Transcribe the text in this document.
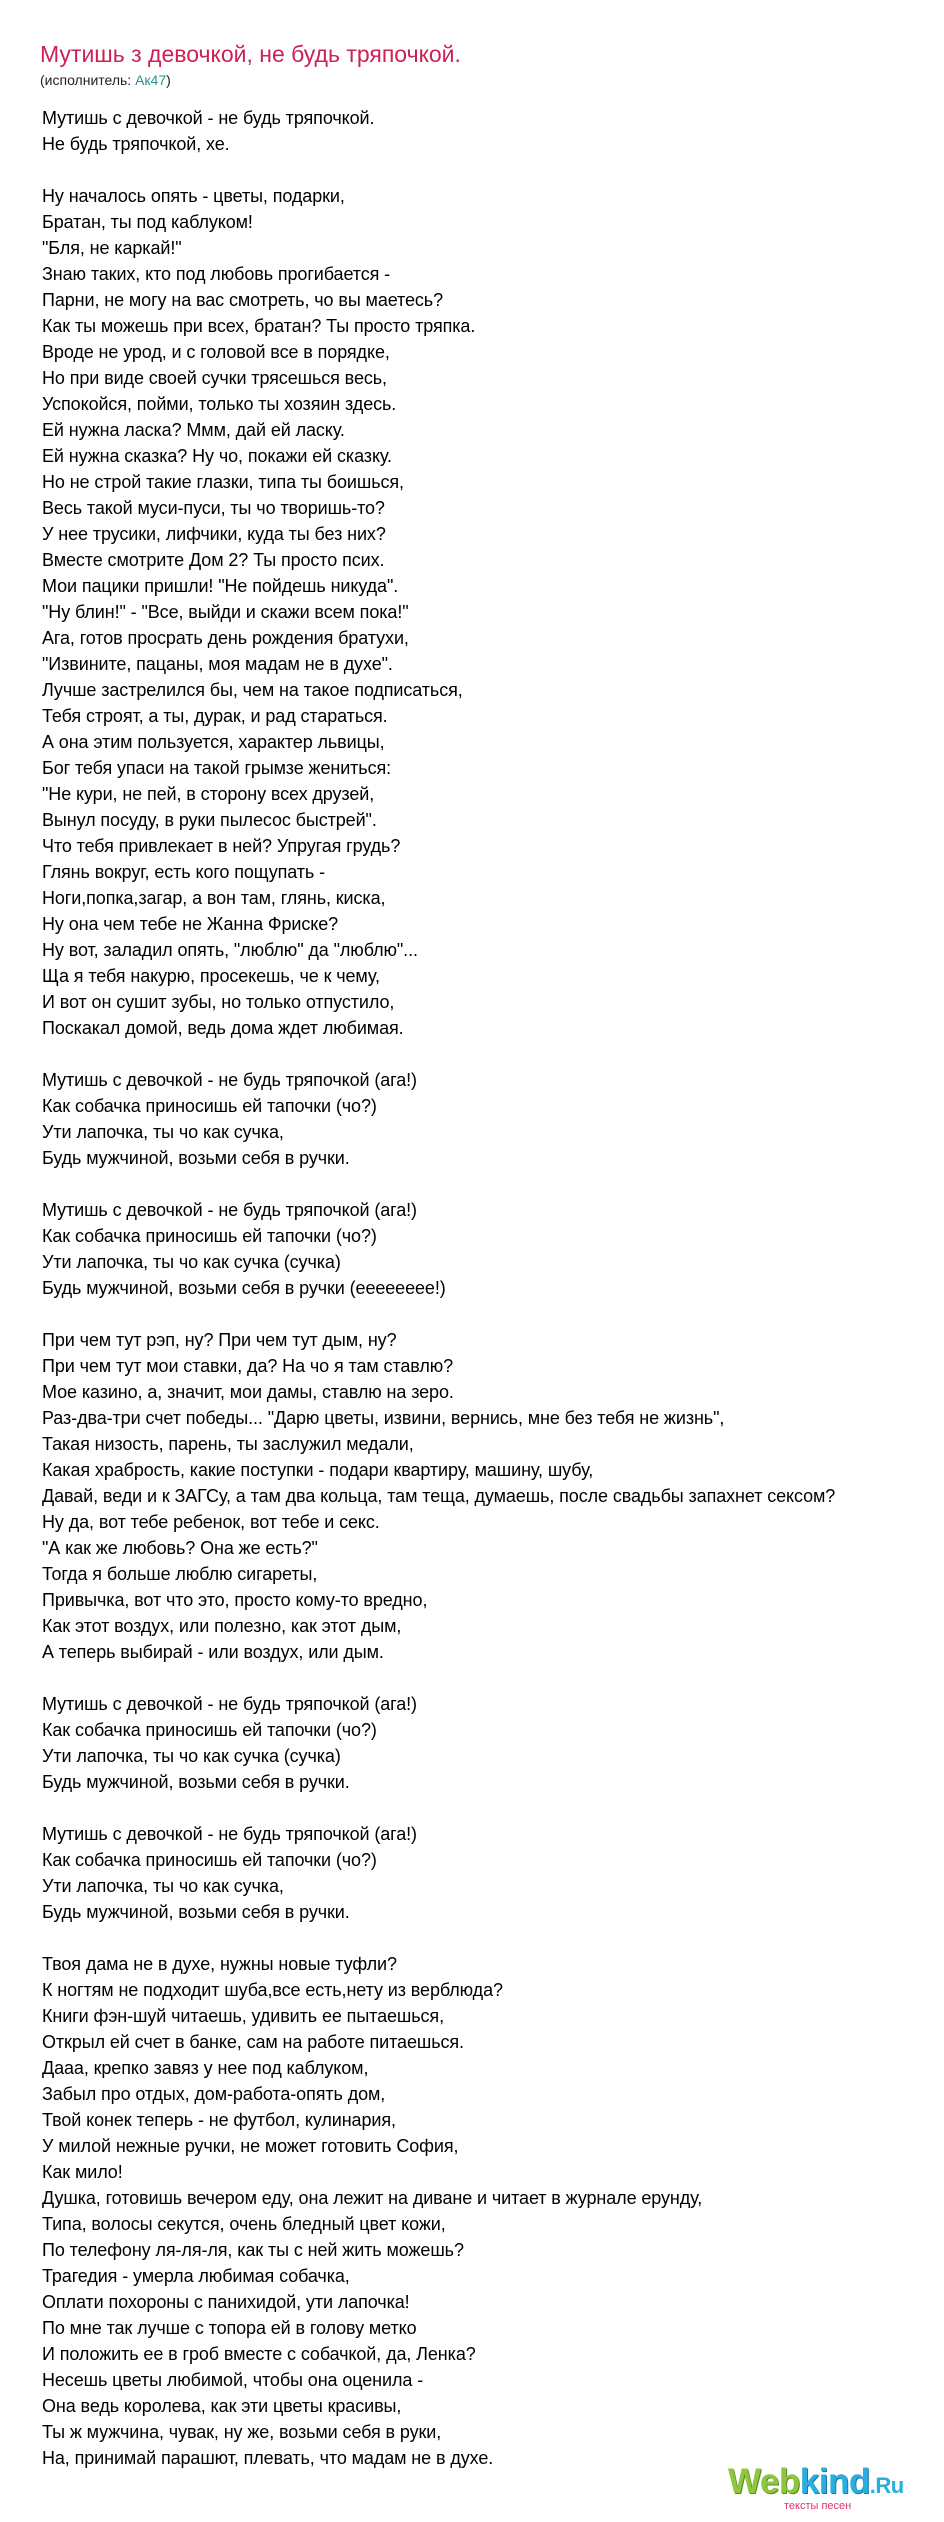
Мутишь з девочкой, не будь тряпочкой.
(исполнитель: Ак47)
Мутишь с девочкой - не будь тряпочкой.
Не будь тряпочкой, хе.
Ну началось опять - цветы, подарки,
Братан, ты под каблуком!
"Бля, не каркай!"
Знаю таких, кто под любовь прогибается -
Парни, не могу на вас смотреть, чо вы маетесь?
Как ты можешь при всех, братан? Ты просто тряпка.
Вроде не урод, и с головой все в порядке,
Но при виде своей сучки трясешься весь,
Успокойся, пойми, только ты хозяин здесь.
Ей нужна ласка? Ммм, дай ей ласку.
Ей нужна сказка? Ну чо, покажи ей сказку.
Но не строй такие глазки, типа ты боишься,
Весь такой муси-пуси, ты чо творишь-то?
У нее трусики, лифчики, куда ты без них?
Вместе смотрите Дом 2? Ты просто псих.
Мои пацики пришли! "Не пойдешь никуда".
"Ну блин!" - "Все, выйди и скажи всем пока!"
Ага, готов просрать день рождения братухи,
"Извините, пацаны, моя мадам не в духе".
Лучше застрелился бы, чем на такое подписаться,
Тебя строят, а ты, дурак, и рад стараться.
А она этим пользуется, характер львицы,
Бог тебя упаси на такой грымзе жениться:
"Не кури, не пей, в сторону всех друзей,
Вынул посуду, в руки пылесос быстрей".
Что тебя привлекает в ней? Упругая грудь?
Глянь вокруг, есть кого пощупать -
Ноги,попка,загар, а вон там, глянь, киска,
Ну она чем тебе не Жанна Фриске?
Ну вот, заладил опять, "люблю" да "люблю"...
Ща я тебя накурю, просекешь, че к чему,
И вот он сушит зубы, но только отпустило,
Поскакал домой, ведь дома ждет любимая.
Мутишь с девочкой - не будь тряпочкой (ага!)
Как собачка приносишь ей тапочки (чо?)
Ути лапочка, ты чо как сучка,
Будь мужчиной, возьми себя в ручки.
Мутишь с девочкой - не будь тряпочкой (ага!)
Как собачка приносишь ей тапочки (чо?)
Ути лапочка, ты чо как сучка (сучка)
Будь мужчиной, возьми себя в ручки (ееееееее!)
При чем тут рэп, ну? При чем тут дым, ну?
При чем тут мои ставки, да? На чо я там ставлю?
Мое казино, а, значит, мои дамы, ставлю на зеро.
Раз-два-три счет победы... "Дарю цветы, извини, вернись, мне без тебя не жизнь",
Такая низость, парень, ты заслужил медали,
Какая храбрость, какие поступки - подари квартиру, машину, шубу,
Давай, веди и к ЗАГСу, а там два кольца, там теща, думаешь, после свадьбы запахнет сексом?
Ну да, вот тебе ребенок, вот тебе и секс.
"А как же любовь? Она же есть?"
Тогда я больше люблю сигареты,
Привычка, вот что это, просто кому-то вредно,
Как этот воздух, или полезно, как этот дым,
А теперь выбирай - или воздух, или дым.
Мутишь с девочкой - не будь тряпочкой (ага!)
Как собачка приносишь ей тапочки (чо?)
Ути лапочка, ты чо как сучка (сучка)
Будь мужчиной, возьми себя в ручки.
Мутишь с девочкой - не будь тряпочкой (ага!)
Как собачка приносишь ей тапочки (чо?)
Ути лапочка, ты чо как сучка,
Будь мужчиной, возьми себя в ручки.
Твоя дама не в духе, нужны новые туфли?
К ногтям не подходит шуба,все есть,нету из верблюда?
Книги фэн-шуй читаешь, удивить ее пытаешься,
Открыл ей счет в банке, сам на работе питаешься.
Дааа, крепко завяз у нее под каблуком,
Забыл про отдых, дом-работа-опять дом,
Твой конек теперь - не футбол, кулинария,
У милой нежные ручки, не может готовить София,
Как мило!
Душка, готовишь вечером еду, она лежит на диване и читает в журнале ерунду,
Типа, волосы секутся, очень бледный цвет кожи,
По телефону ля-ля-ля, как ты с ней жить можешь?
Трагедия - умерла любимая собачка,
Оплати похороны с панихидой, ути лапочка!
По мне так лучше с топора ей в голову метко
И положить ее в гроб вместе с собачкой, да, Ленка?
Несешь цветы любимой, чтобы она оценила -
Она ведь королева, как эти цветы красивы,
Ты ж мужчина, чувак, ну же, возьми себя в руки,
На, принимай парашют, плевать, что мадам не в духе.
Webkind.Ru
тексты песен
